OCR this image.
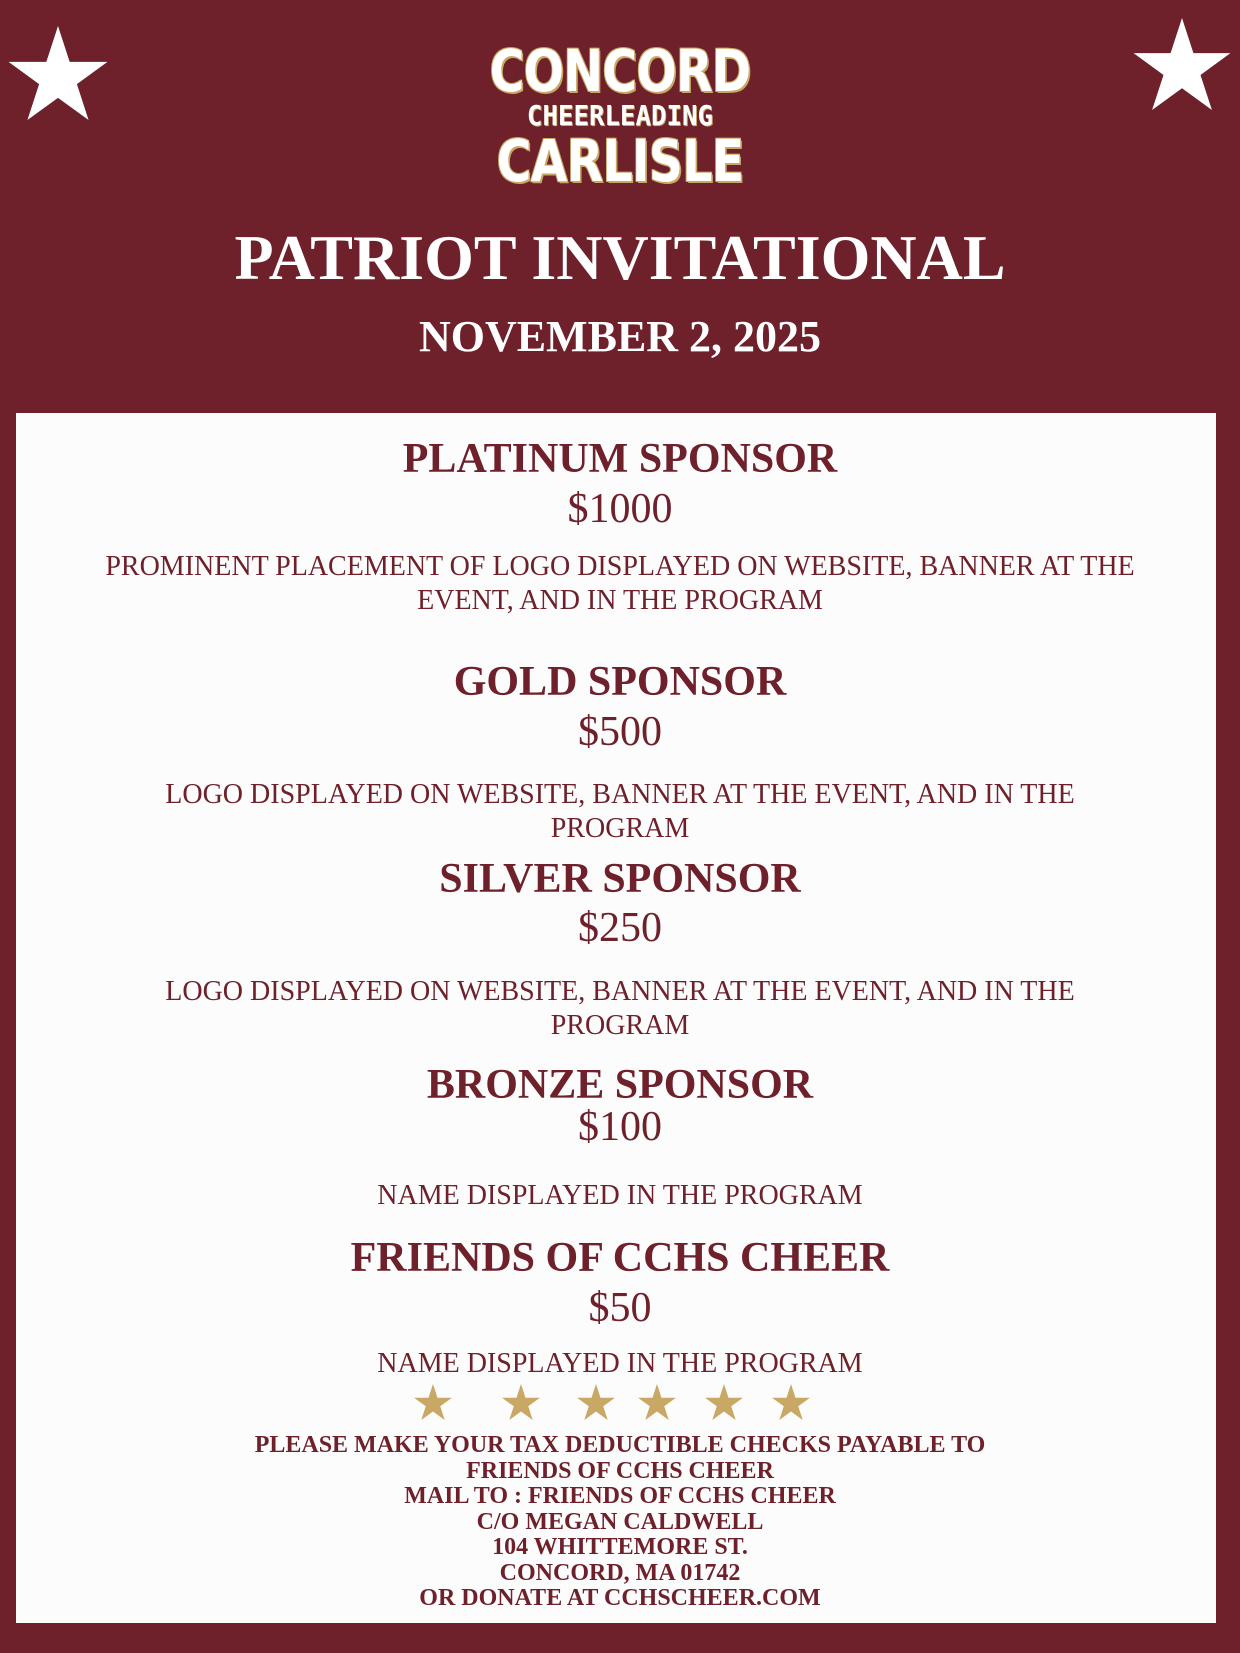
CONCORD
CHEERLEADING
CARLISLE
PATRIOT INVITATIONAL
NOVEMBER 2, 2025
PLATINUM SPONSOR
$1000
PROMINENT PLACEMENT OF LOGO DISPLAYED ON WEBSITE, BANNER AT THE EVENT, AND IN THE PROGRAM
GOLD SPONSOR
$500
LOGO DISPLAYED ON WEBSITE, BANNER AT THE EVENT, AND IN THE PROGRAM
SILVER SPONSOR
$250
LOGO DISPLAYED ON WEBSITE, BANNER AT THE EVENT, AND IN THE PROGRAM
BRONZE SPONSOR
$100
NAME DISPLAYED IN THE PROGRAM
FRIENDS OF CCHS CHEER
$50
NAME DISPLAYED IN THE PROGRAM
PLEASE MAKE YOUR TAX DEDUCTIBLE CHECKS PAYABLE TO
FRIENDS OF CCHS CHEER
MAIL TO : FRIENDS OF CCHS CHEER
C/O MEGAN CALDWELL
104 WHITTEMORE ST.
CONCORD, MA 01742
OR DONATE AT CCHSCHEER.COM
